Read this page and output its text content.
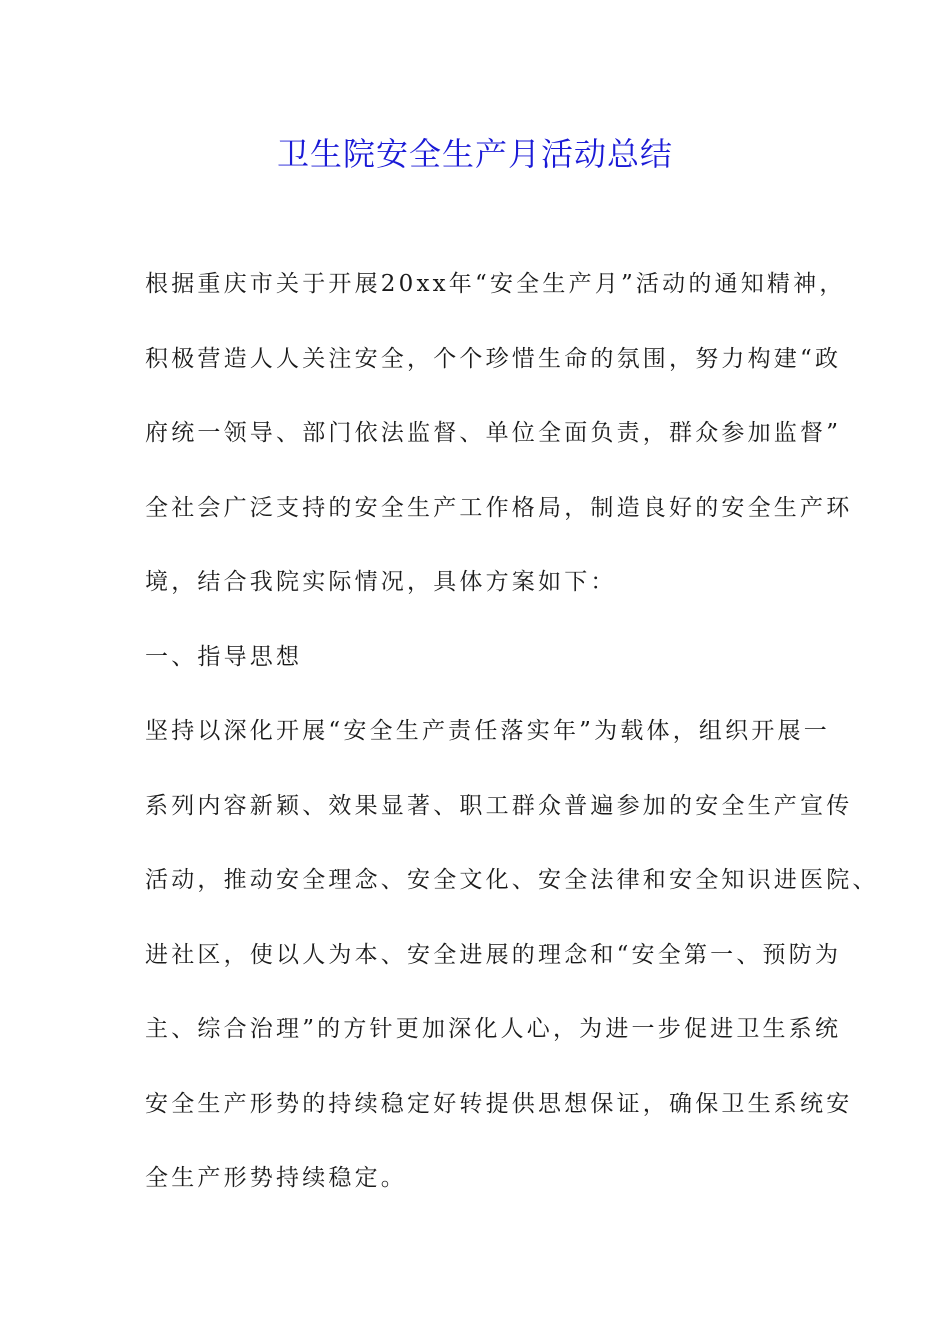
卫生院安全生产月活动总结

根据重庆市关于开展20xx年“安全生产月”活动的通知精神，

积极营造人人关注安全，个个珍惜生命的氛围，努力构建“政

府统一领导、部门依法监督、单位全面负责，群众参加监督”

全社会广泛支持的安全生产工作格局，制造良好的安全生产环

境，结合我院实际情况，具体方案如下：

一、指导思想

坚持以深化开展“安全生产责任落实年”为载体，组织开展一

系列内容新颖、效果显著、职工群众普遍参加的安全生产宣传

活动，推动安全理念、安全文化、安全法律和安全知识进医院、

进社区，使以人为本、安全进展的理念和“安全第一、预防为

主、综合治理”的方针更加深化人心，为进一步促进卫生系统

安全生产形势的持续稳定好转提供思想保证，确保卫生系统安

全生产形势持续稳定。
